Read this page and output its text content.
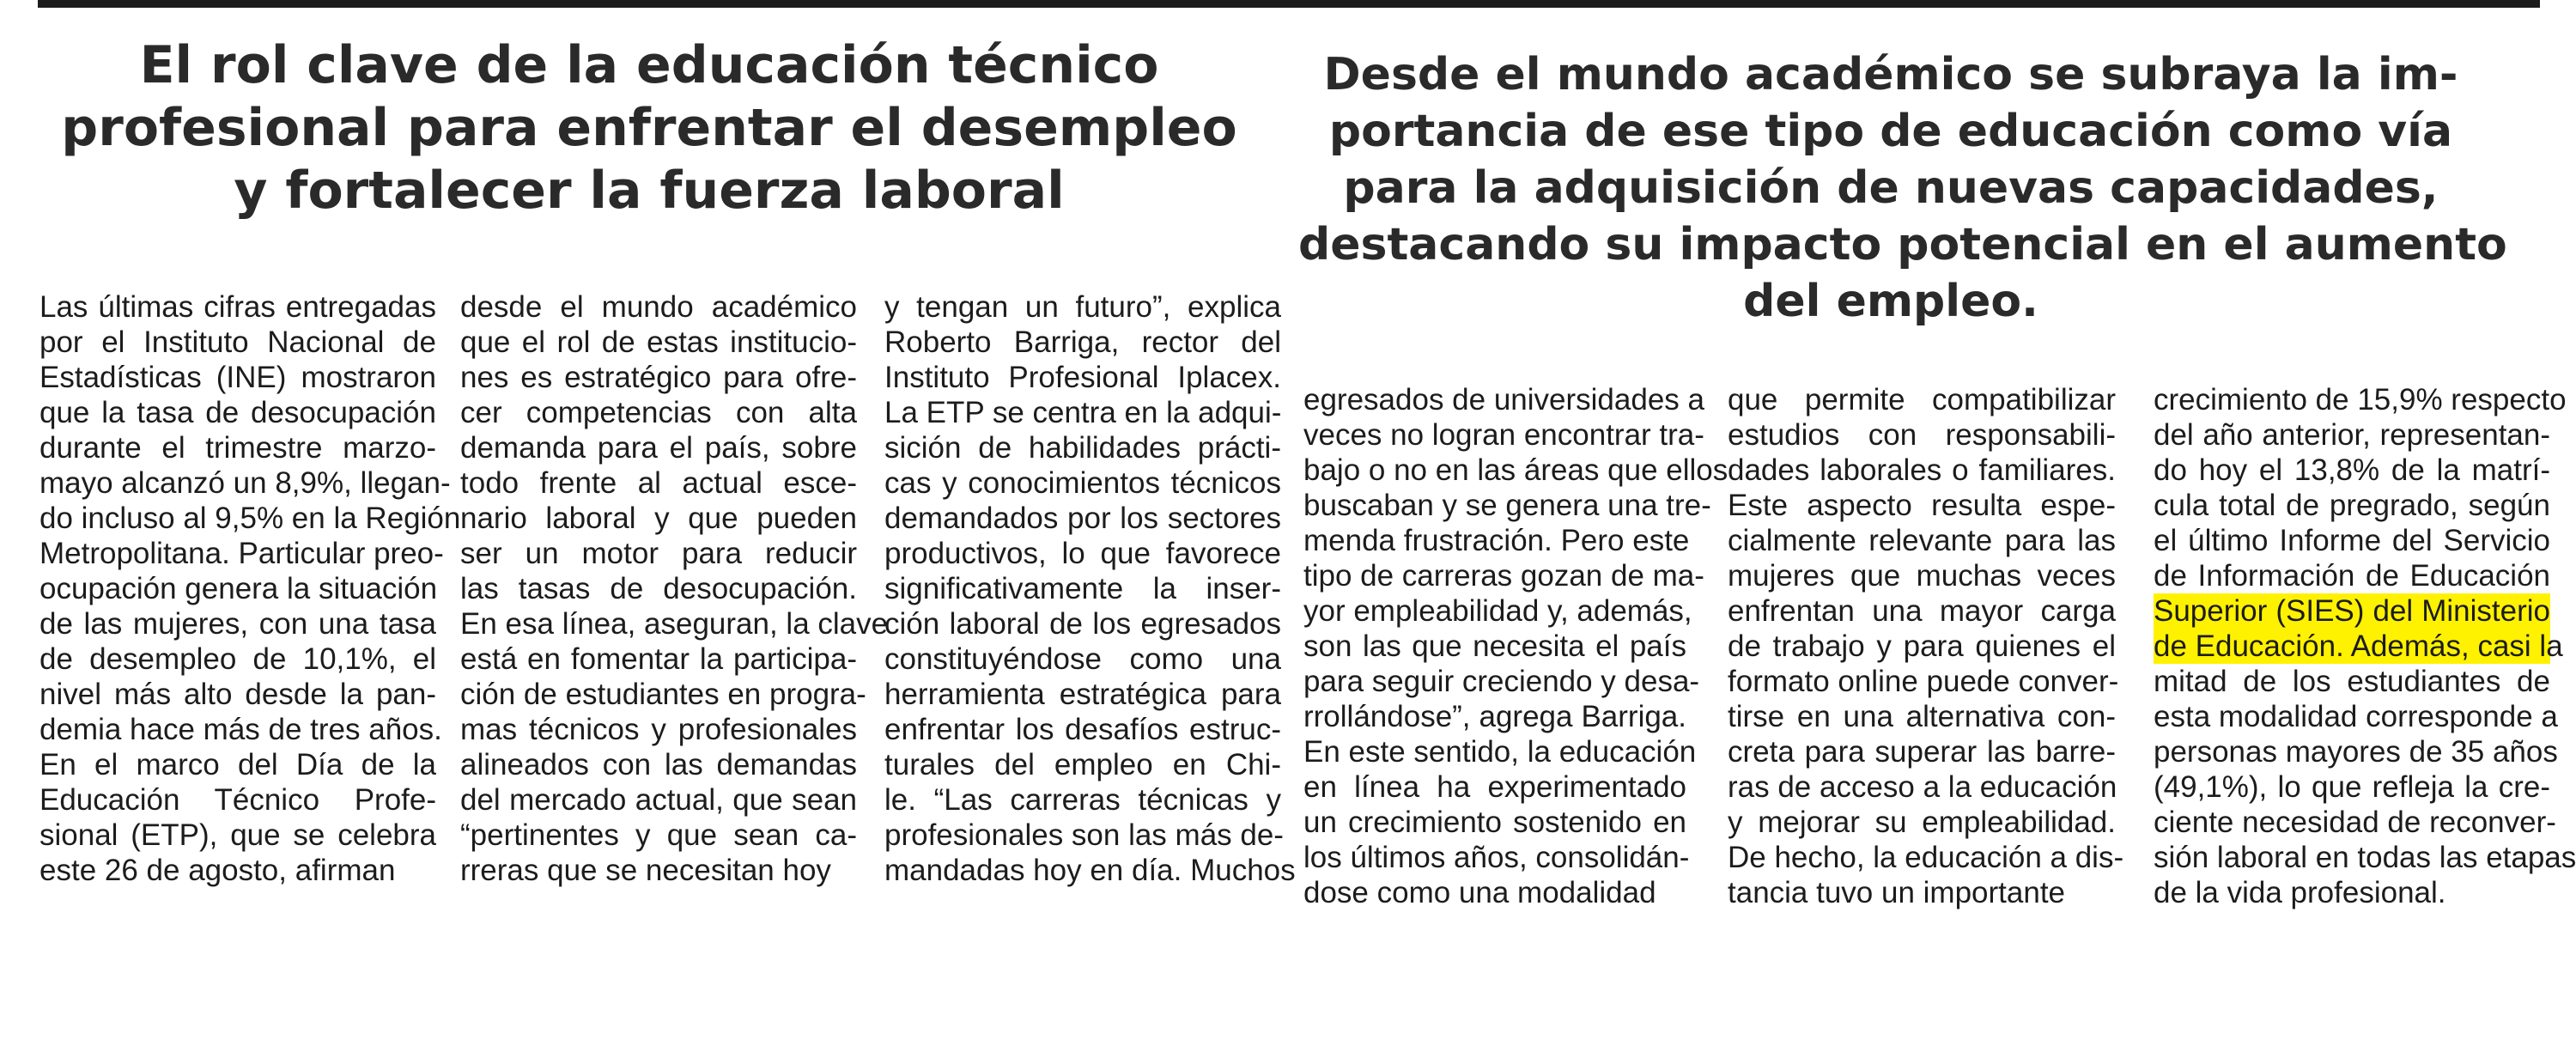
El rol clave de la educación técnico
profesional para enfrentar el desempleo
y fortalecer la fuerza laboral
Desde el mundo académico se subraya la im-
portancia de ese tipo de educación como vía
para la adquisición de nuevas capacidades,
destacando su impacto potencial en el aumento
del empleo.
Las últimas cifras entregadas
por el Instituto Nacional de
Estadísticas (INE) mostraron
que la tasa de desocupación
durante el trimestre marzo-
mayo alcanzó un 8,9%, llegan-
do incluso al 9,5% en la Región
Metropolitana. Particular preo-
ocupación genera la situación
de las mujeres, con una tasa
de desempleo de 10,1%, el
nivel más alto desde la pan-
demia hace más de tres años.
En el marco del Día de la
Educación Técnico Profe-
sional (ETP), que se celebra
este 26 de agosto, afirman
desde el mundo académico
que el rol de estas institucio-
nes es estratégico para ofre-
cer competencias con alta
demanda para el país, sobre
todo frente al actual esce-
nario laboral y que pueden
ser un motor para reducir
las tasas de desocupación.
En esa línea, aseguran, la clave
está en fomentar la participa-
ción de estudiantes en progra-
mas técnicos y profesionales
alineados con las demandas
del mercado actual, que sean
“pertinentes y que sean ca-
rreras que se necesitan hoy
y tengan un futuro”, explica
Roberto Barriga, rector del
Instituto Profesional Iplacex.
La ETP se centra en la adqui-
sición de habilidades prácti-
cas y conocimientos técnicos
demandados por los sectores
productivos, lo que favorece
significativamente la inser-
ción laboral de los egresados
constituyéndose como una
herramienta estratégica para
enfrentar los desafíos estruc-
turales del empleo en Chi-
le. “Las carreras técnicas y
profesionales son las más de-
mandadas hoy en día. Muchos
egresados de universidades a
veces no logran encontrar tra-
bajo o no en las áreas que ellos
buscaban y se genera una tre-
menda frustración. Pero este
tipo de carreras gozan de ma-
yor empleabilidad y, además,
son las que necesita el país
para seguir creciendo y desa-
rrollándose”, agrega Barriga.
En este sentido, la educación
en línea ha experimentado
un crecimiento sostenido en
los últimos años, consolidán-
dose como una modalidad
que permite compatibilizar
estudios con responsabili-
dades laborales o familiares.
Este aspecto resulta espe-
cialmente relevante para las
mujeres que muchas veces
enfrentan una mayor carga
de trabajo y para quienes el
formato online puede conver-
tirse en una alternativa con-
creta para superar las barre-
ras de acceso a la educación
y mejorar su empleabilidad.
De hecho, la educación a dis-
tancia tuvo un importante
crecimiento de 15,9% respecto
del año anterior, representan-
do hoy el 13,8% de la matrí-
cula total de pregrado, según
el último Informe del Servicio
de Información de Educación
Superior (SIES) del Ministerio
de Educación. Además, casi la
mitad de los estudiantes de
esta modalidad corresponde a
personas mayores de 35 años
(49,1%), lo que refleja la cre-
ciente necesidad de reconver-
sión laboral en todas las etapas
de la vida profesional.
